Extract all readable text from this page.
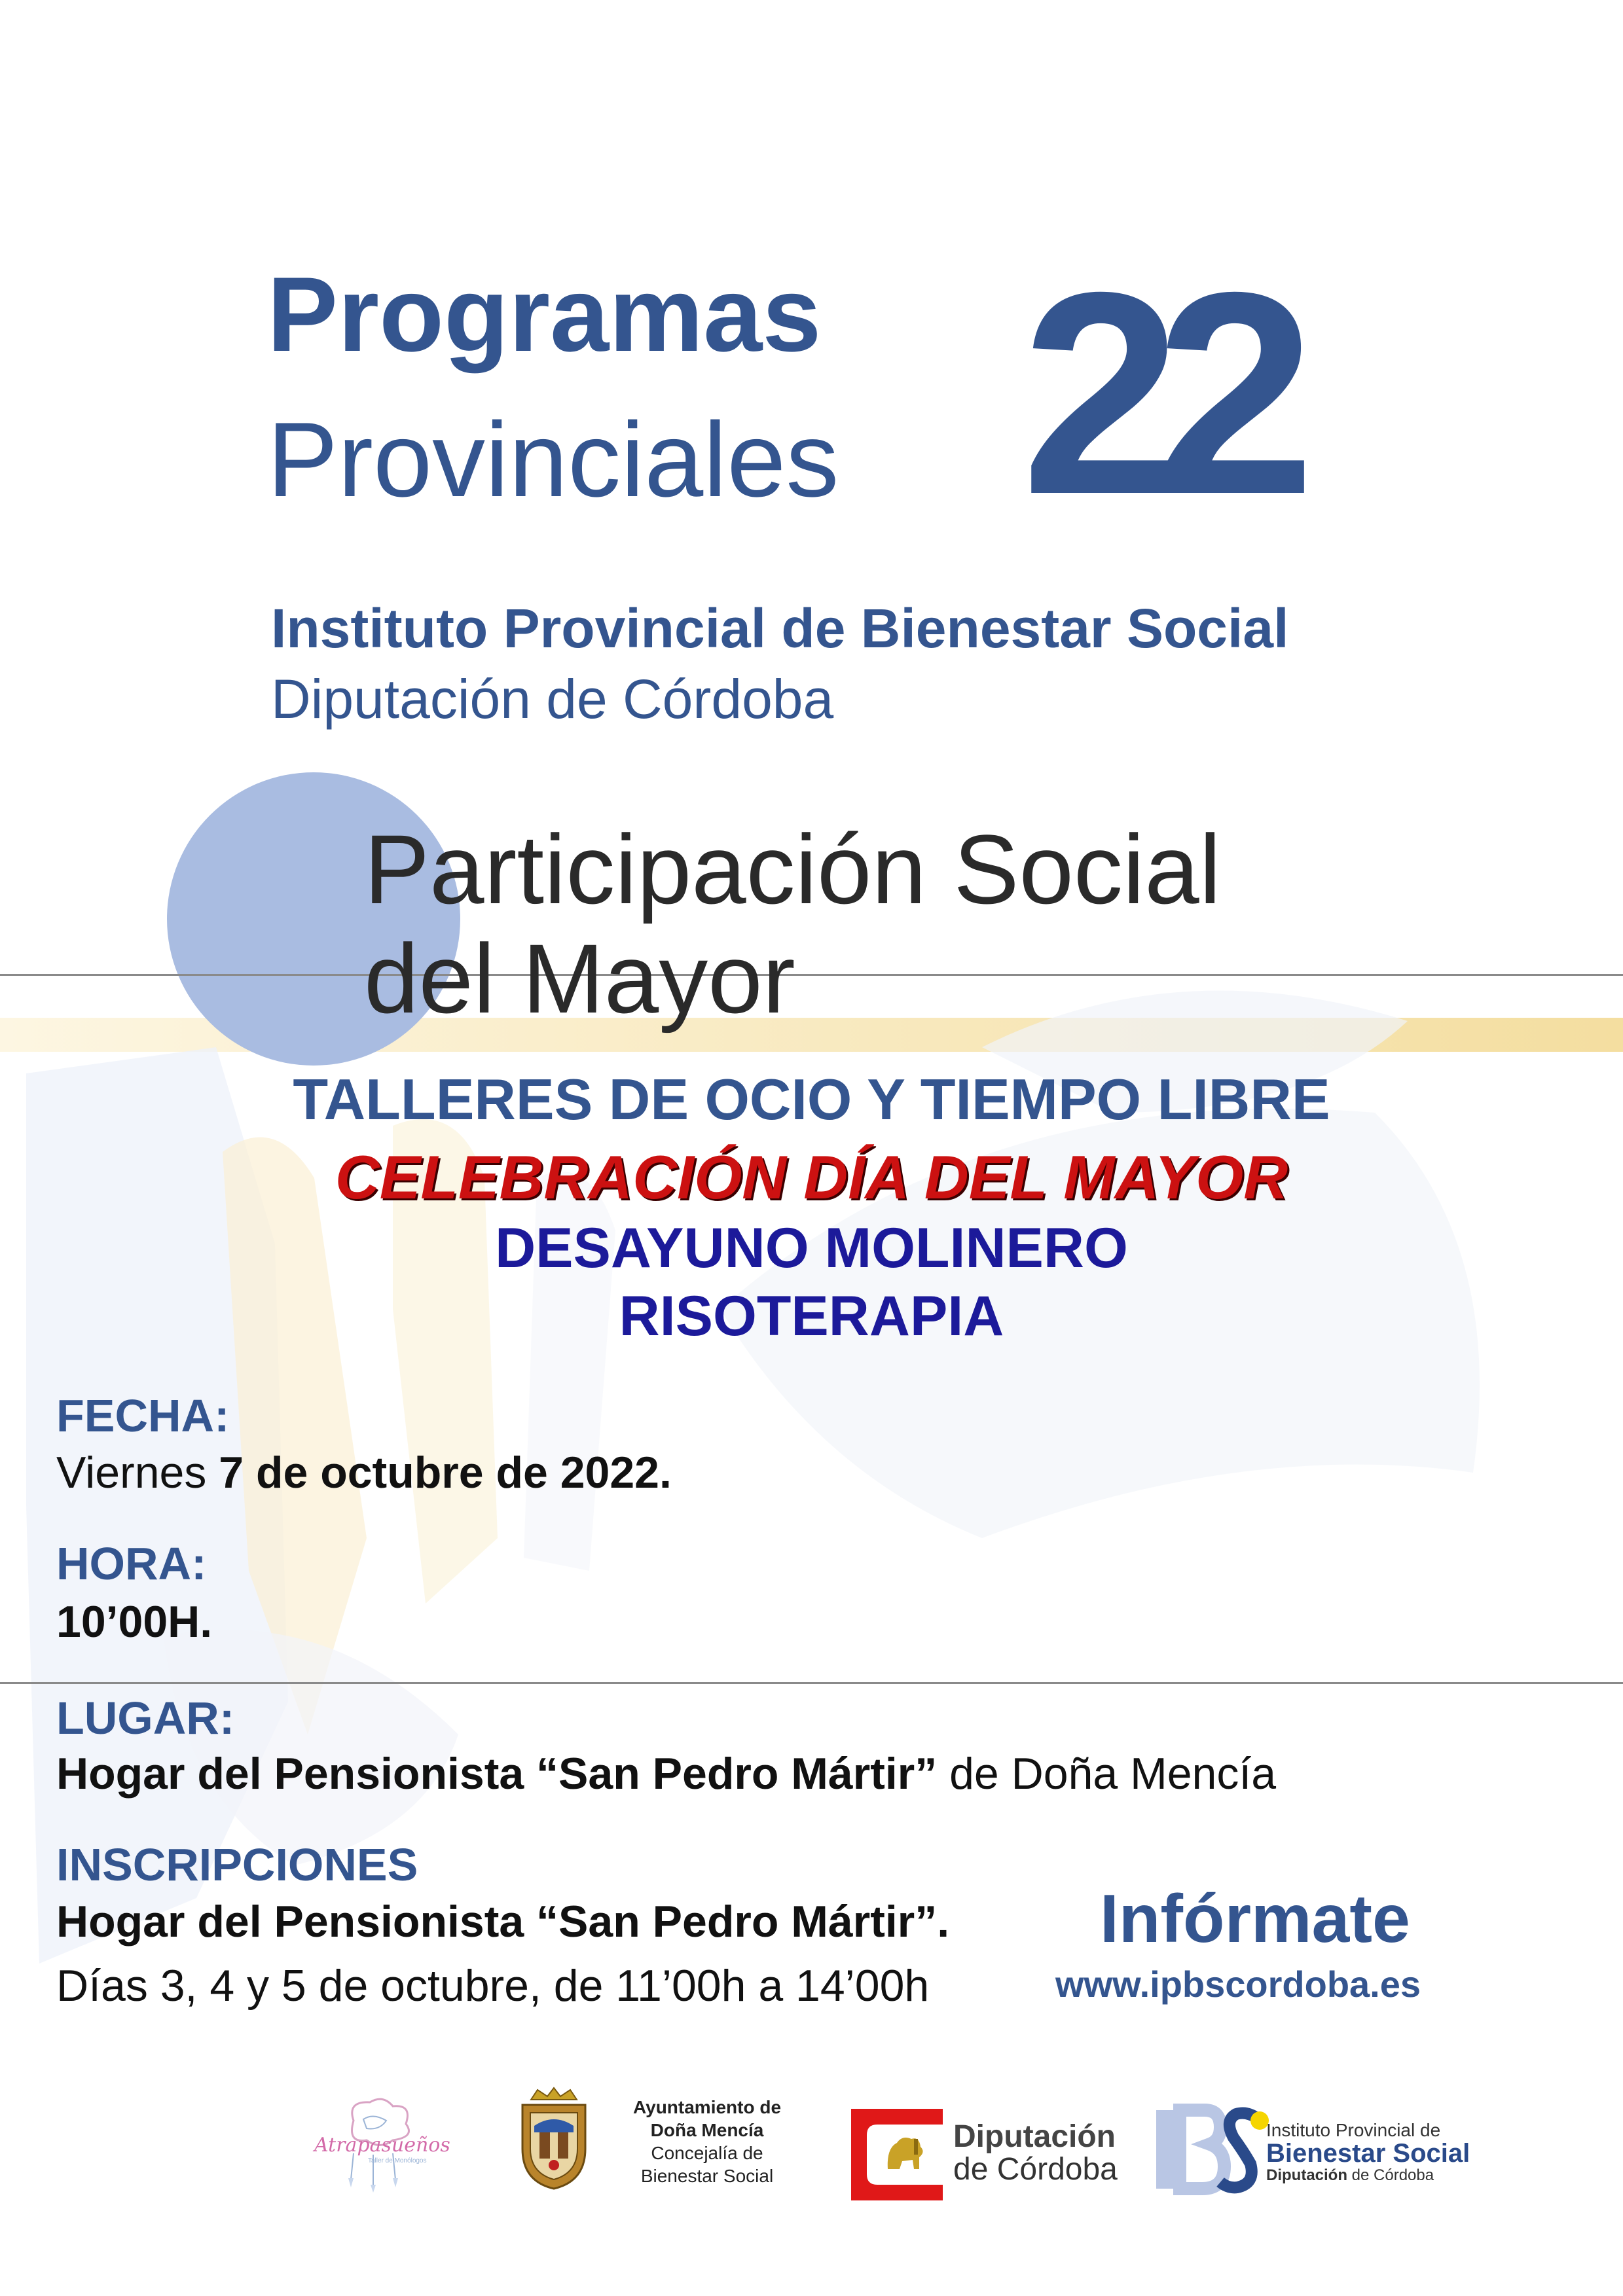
Programas
Provinciales 22
Instituto Provincial de Bienestar Social
Diputación de Córdoba
Participación Social
del Mayor
TALLERES DE OCIO Y TIEMPO LIBRE
CELEBRACIÓN DÍA DEL MAYOR
DESAYUNO MOLINERO
RISOTERAPIA
FECHA:
Viernes 7 de octubre de 2022.
HORA:
10’00H.
LUGAR:
Hogar del Pensionista “San Pedro Mártir” de Doña Mencía
INSCRIPCIONES
Hogar del Pensionista “San Pedro Mártir”.
Días 3, 4 y 5 de octubre, de 11’00h a 14’00h
Infórmate
www.ipbscordoba.es
Atrapasueños
Taller de Monólogos
Ayuntamiento de
Doña Mencía
Concejalía de
Bienestar Social
Diputación
de Córdoba
Instituto Provincial de
Bienestar Social
Diputación de Córdoba
